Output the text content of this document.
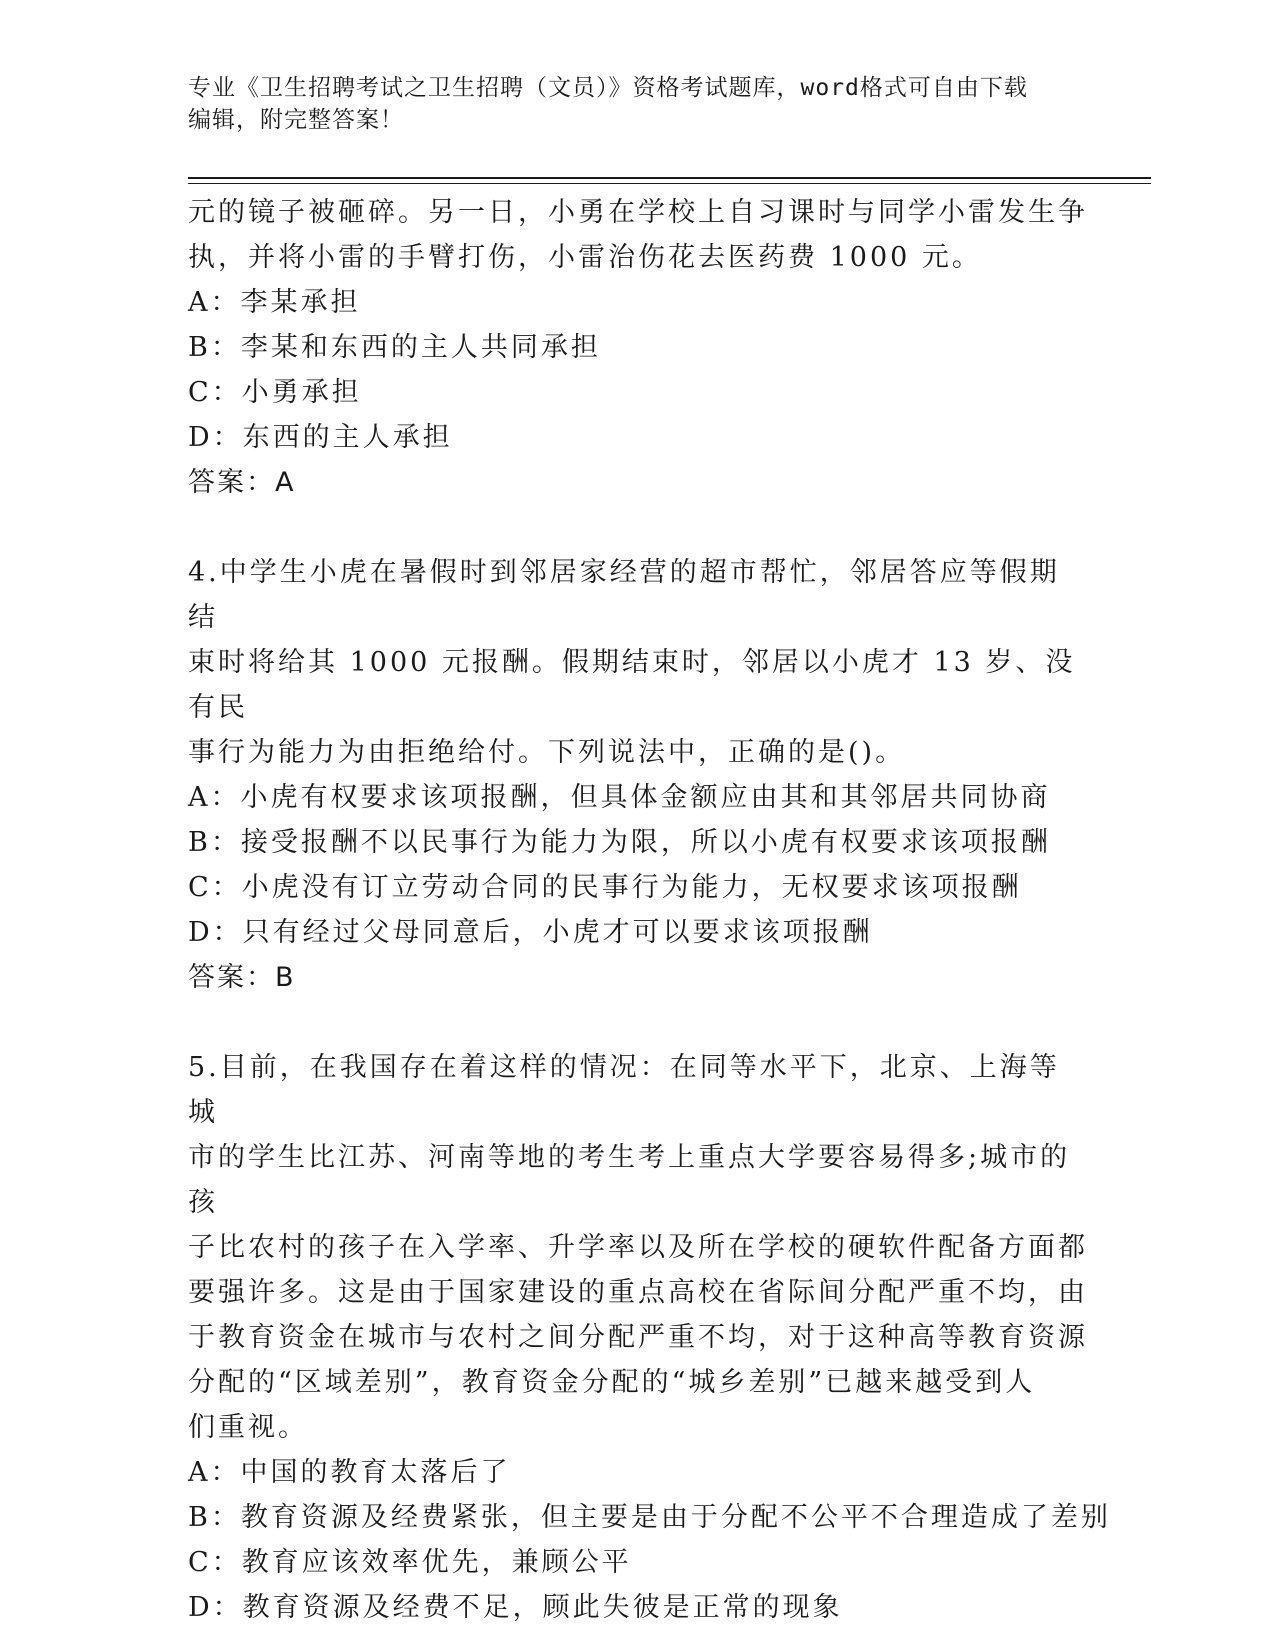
专业《卫生招聘考试之卫生招聘（文员）》资格考试题库，word格式可自由下载
编辑，附完整答案！
元的镜子被砸碎。另一日，小勇在学校上自习课时与同学小雷发生争
执，并将小雷的手臂打伤，小雷治伤花去医药费 1000 元。
A：李某承担
B：李某和东西的主人共同承担
C：小勇承担
D：东西的主人承担
答案：A
4.中学生小虎在暑假时到邻居家经营的超市帮忙，邻居答应等假期结
束时将给其 1000 元报酬。假期结束时，邻居以小虎才 13 岁、没有民
事行为能力为由拒绝给付。下列说法中，正确的是()。
A：小虎有权要求该项报酬，但具体金额应由其和其邻居共同协商
B：接受报酬不以民事行为能力为限，所以小虎有权要求该项报酬
C：小虎没有订立劳动合同的民事行为能力，无权要求该项报酬
D：只有经过父母同意后，小虎才可以要求该项报酬
答案：B
5.目前，在我国存在着这样的情况：在同等水平下，北京、上海等城
市的学生比江苏、河南等地的考生考上重点大学要容易得多;城市的孩
子比农村的孩子在入学率、升学率以及所在学校的硬软件配备方面都
要强许多。这是由于国家建设的重点高校在省际间分配严重不均，由
于教育资金在城市与农村之间分配严重不均，对于这种高等教育资源
分配的“区域差别”，教育资金分配的“城乡差别”已越来越受到人
们重视。
A：中国的教育太落后了
B：教育资源及经费紧张，但主要是由于分配不公平不合理造成了差别
C：教育应该效率优先，兼顾公平
D：教育资源及经费不足，顾此失彼是正常的现象
